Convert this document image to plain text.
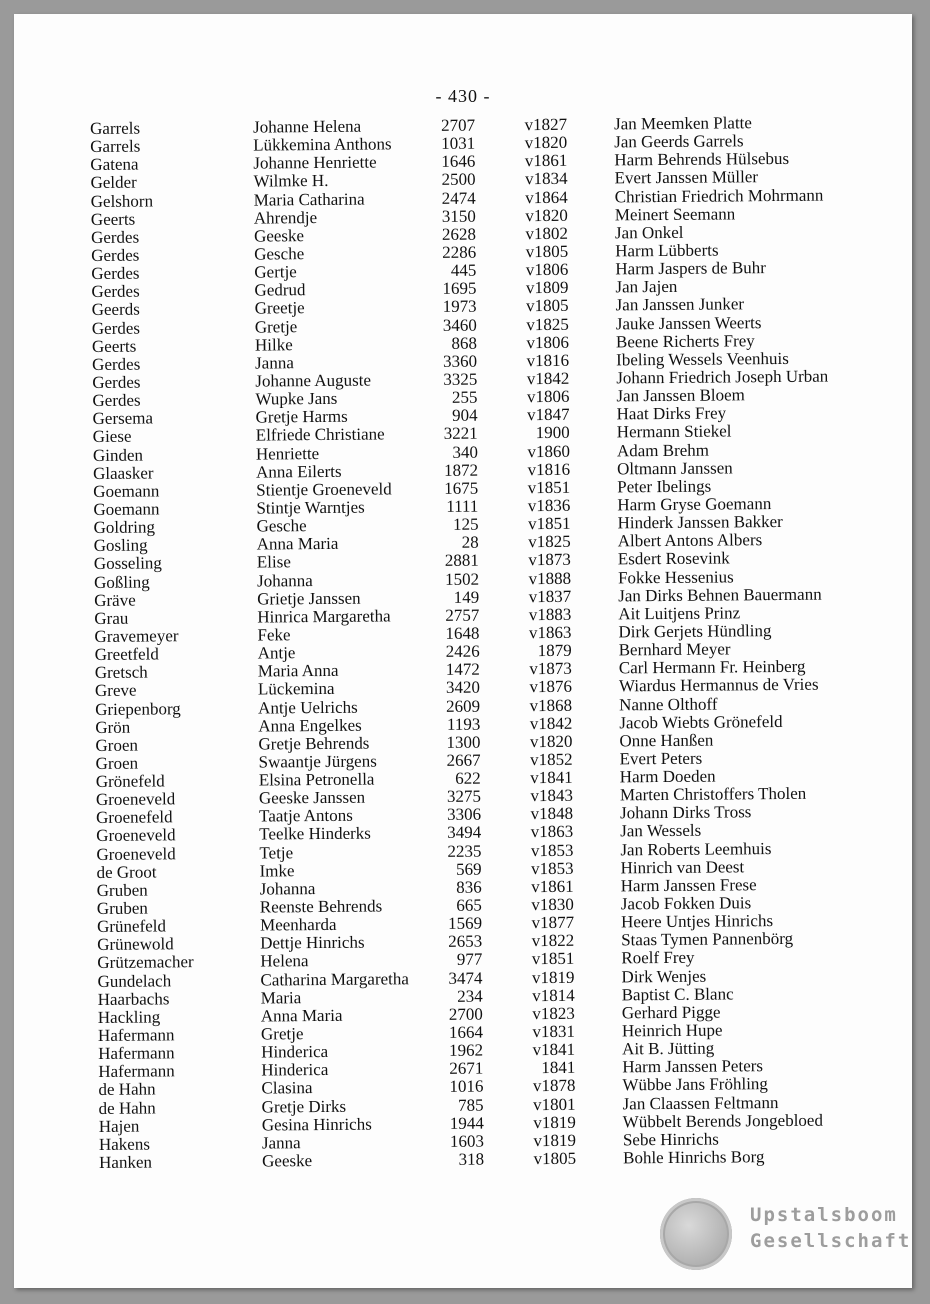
- 430 -
Garrels	Johanne Helena	2707	v1827	Jan Meemken Platte
Garrels	Lükkemina Anthons	1031	v1820	Jan Geerds Garrels
Gatena	Johanne Henriette	1646	v1861	Harm Behrends Hülsebus
Gelder	Wilmke H.	2500	v1834	Evert Janssen Müller
Gelshorn	Maria Catharina	2474	v1864	Christian Friedrich Mohrmann
Geerts	Ahrendje	3150	v1820	Meinert Seemann
Gerdes	Geeske	2628	v1802	Jan Onkel
Gerdes	Gesche	2286	v1805	Harm Lübberts
Gerdes	Gertje	445	v1806	Harm Jaspers de Buhr
Gerdes	Gedrud	1695	v1809	Jan Jajen
Geerds	Greetje	1973	v1805	Jan Janssen Junker
Gerdes	Gretje	3460	v1825	Jauke Janssen Weerts
Geerts	Hilke	868	v1806	Beene Richerts Frey
Gerdes	Janna	3360	v1816	Ibeling Wessels Veenhuis
Gerdes	Johanne Auguste	3325	v1842	Johann Friedrich Joseph Urban
Gerdes	Wupke Jans	255	v1806	Jan Janssen Bloem
Gersema	Gretje Harms	904	v1847	Haat Dirks Frey
Giese	Elfriede Christiane	3221	1900	Hermann Stiekel
Ginden	Henriette	340	v1860	Adam Brehm
Glaasker	Anna Eilerts	1872	v1816	Oltmann Janssen
Goemann	Stientje Groeneveld	1675	v1851	Peter Ibelings
Goemann	Stintje Warntjes	1111	v1836	Harm Gryse Goemann
Goldring	Gesche	125	v1851	Hinderk Janssen Bakker
Gosling	Anna Maria	28	v1825	Albert Antons Albers
Gosseling	Elise	2881	v1873	Esdert Rosevink
Goßling	Johanna	1502	v1888	Fokke Hessenius
Gräve	Grietje Janssen	149	v1837	Jan Dirks Behnen Bauermann
Grau	Hinrica Margaretha	2757	v1883	Ait Luitjens Prinz
Gravemeyer	Feke	1648	v1863	Dirk Gerjets Hündling
Greetfeld	Antje	2426	1879	Bernhard Meyer
Gretsch	Maria Anna	1472	v1873	Carl Hermann Fr. Heinberg
Greve	Lückemina	3420	v1876	Wiardus Hermannus de Vries
Griepenborg	Antje Uelrichs	2609	v1868	Nanne Olthoff
Grön	Anna Engelkes	1193	v1842	Jacob Wiebts Grönefeld
Groen	Gretje Behrends	1300	v1820	Onne Hanßen
Groen	Swaantje Jürgens	2667	v1852	Evert Peters
Grönefeld	Elsina Petronella	622	v1841	Harm Doeden
Groeneveld	Geeske Janssen	3275	v1843	Marten Christoffers Tholen
Groenefeld	Taatje Antons	3306	v1848	Johann Dirks Tross
Groeneveld	Teelke Hinderks	3494	v1863	Jan Wessels
Groeneveld	Tetje	2235	v1853	Jan Roberts Leemhuis
de Groot	Imke	569	v1853	Hinrich van Deest
Gruben	Johanna	836	v1861	Harm Janssen Frese
Gruben	Reenste Behrends	665	v1830	Jacob Fokken Duis
Grünefeld	Meenharda	1569	v1877	Heere Untjes Hinrichs
Grünewold	Dettje Hinrichs	2653	v1822	Staas Tymen Pannenbörg
Grützemacher	Helena	977	v1851	Roelf Frey
Gundelach	Catharina Margaretha	3474	v1819	Dirk Wenjes
Haarbachs	Maria	234	v1814	Baptist C. Blanc
Hackling	Anna Maria	2700	v1823	Gerhard Pigge
Hafermann	Gretje	1664	v1831	Heinrich Hupe
Hafermann	Hinderica	1962	v1841	Ait B. Jütting
Hafermann	Hinderica	2671	1841	Harm Janssen Peters
de Hahn	Clasina	1016	v1878	Wübbe Jans Fröhling
de Hahn	Gretje Dirks	785	v1801	Jan Claassen Feltmann
Hajen	Gesina Hinrichs	1944	v1819	Wübbelt Berends Jongebloed
Hakens	Janna	1603	v1819	Sebe Hinrichs
Hanken	Geeske	318	v1805	Bohle Hinrichs Borg
Upstalsboom
Gesellschaft
